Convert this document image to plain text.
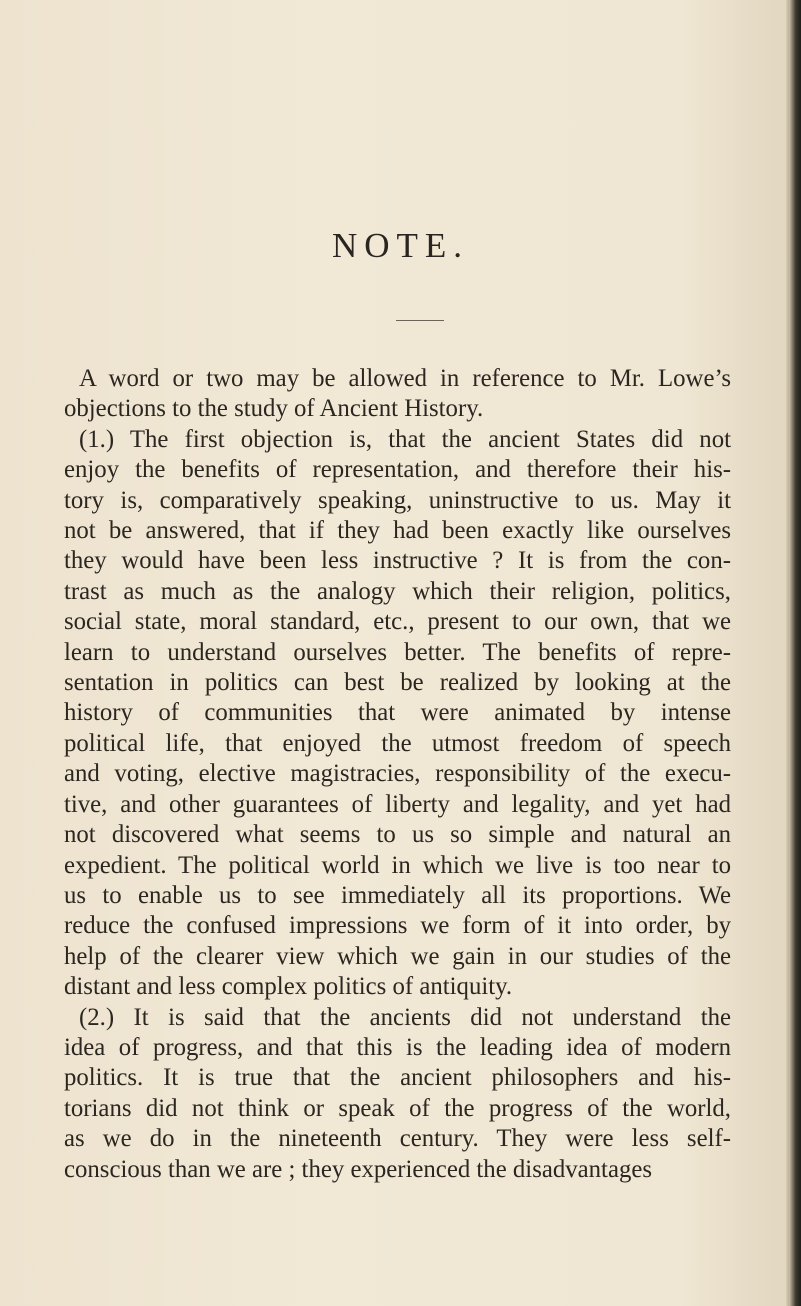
NOTE.
A word or two may be allowed in reference to Mr. Lowe’s
objections to the study of Ancient History.
(1.) The first objection is, that the ancient States did not
enjoy the benefits of representation, and therefore their his-
tory is, comparatively speaking, uninstructive to us. May it
not be answered, that if they had been exactly like ourselves
they would have been less instructive ? It is from the con-
trast as much as the analogy which their religion, politics,
social state, moral standard, etc., present to our own, that we
learn to understand ourselves better. The benefits of repre-
sentation in politics can best be realized by looking at the
history of communities that were animated by intense
political life, that enjoyed the utmost freedom of speech
and voting, elective magistracies, responsibility of the execu-
tive, and other guarantees of liberty and legality, and yet had
not discovered what seems to us so simple and natural an
expedient. The political world in which we live is too near to
us to enable us to see immediately all its proportions. We
reduce the confused impressions we form of it into order, by
help of the clearer view which we gain in our studies of the
distant and less complex politics of antiquity.
(2.) It is said that the ancients did not understand the
idea of progress, and that this is the leading idea of modern
politics. It is true that the ancient philosophers and his-
torians did not think or speak of the progress of the world,
as we do in the nineteenth century. They were less self-
conscious than we are ; they experienced the disadvantages
